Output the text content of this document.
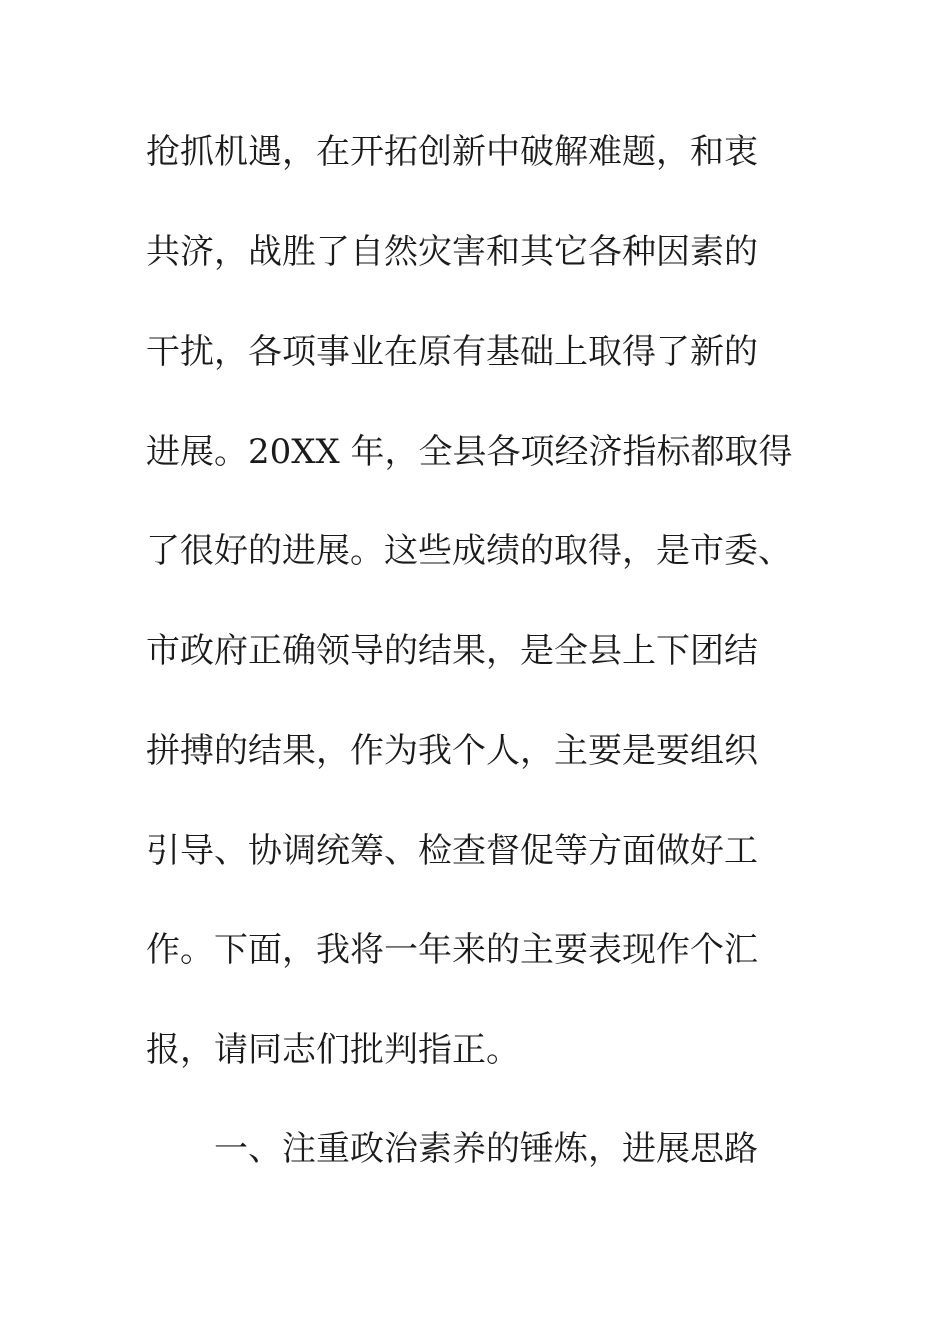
抢抓机遇，在开拓创新中破解难题，和衷
共济，战胜了自然灾害和其它各种因素的
干扰，各项事业在原有基础上取得了新的
进展。20XX 年，全县各项经济指标都取得
了很好的进展。这些成绩的取得，是市委、
市政府正确领导的结果，是全县上下团结
拼搏的结果，作为我个人，主要是要组织
引导、协调统筹、检查督促等方面做好工
作。下面，我将一年来的主要表现作个汇
报，请同志们批判指正。
一、注重政治素养的锤炼，进展思路
